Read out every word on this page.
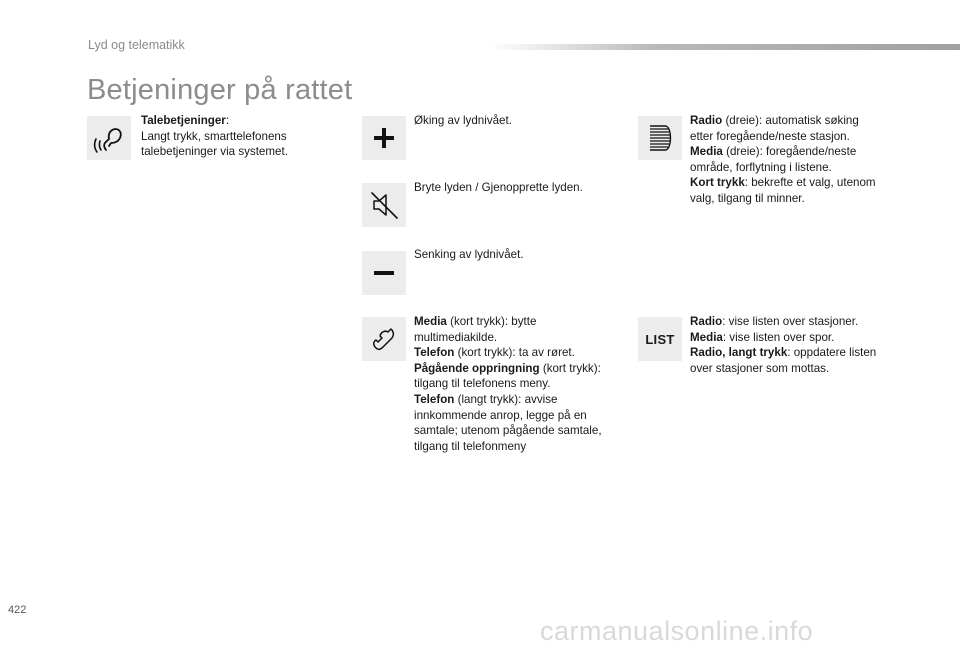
Lyd og telematikk
Betjeninger på rattet
Talebetjeninger:
Langt trykk, smarttelefonens
talebetjeninger via systemet.
Øking av lydnivået.
Bryte lyden / Gjenopprette lyden.
Senking av lydnivået.
Media (kort trykk): bytte
multimediakilde.
Telefon (kort trykk): ta av røret.
Pågående oppringning (kort trykk):
tilgang til telefonens meny.
Telefon (langt trykk): avvise
innkommende anrop, legge på en
samtale; utenom pågående samtale,
tilgang til telefonmeny
Radio (dreie): automatisk søking
etter foregående/neste stasjon.
Media (dreie): foregående/neste
område, forflytning i listene.
Kort trykk: bekrefte et valg, utenom
valg, tilgang til minner.
LIST
Radio: vise listen over stasjoner.
Media: vise listen over spor.
Radio, langt trykk: oppdatere listen
over stasjoner som mottas.
422
carmanualsonline.info
